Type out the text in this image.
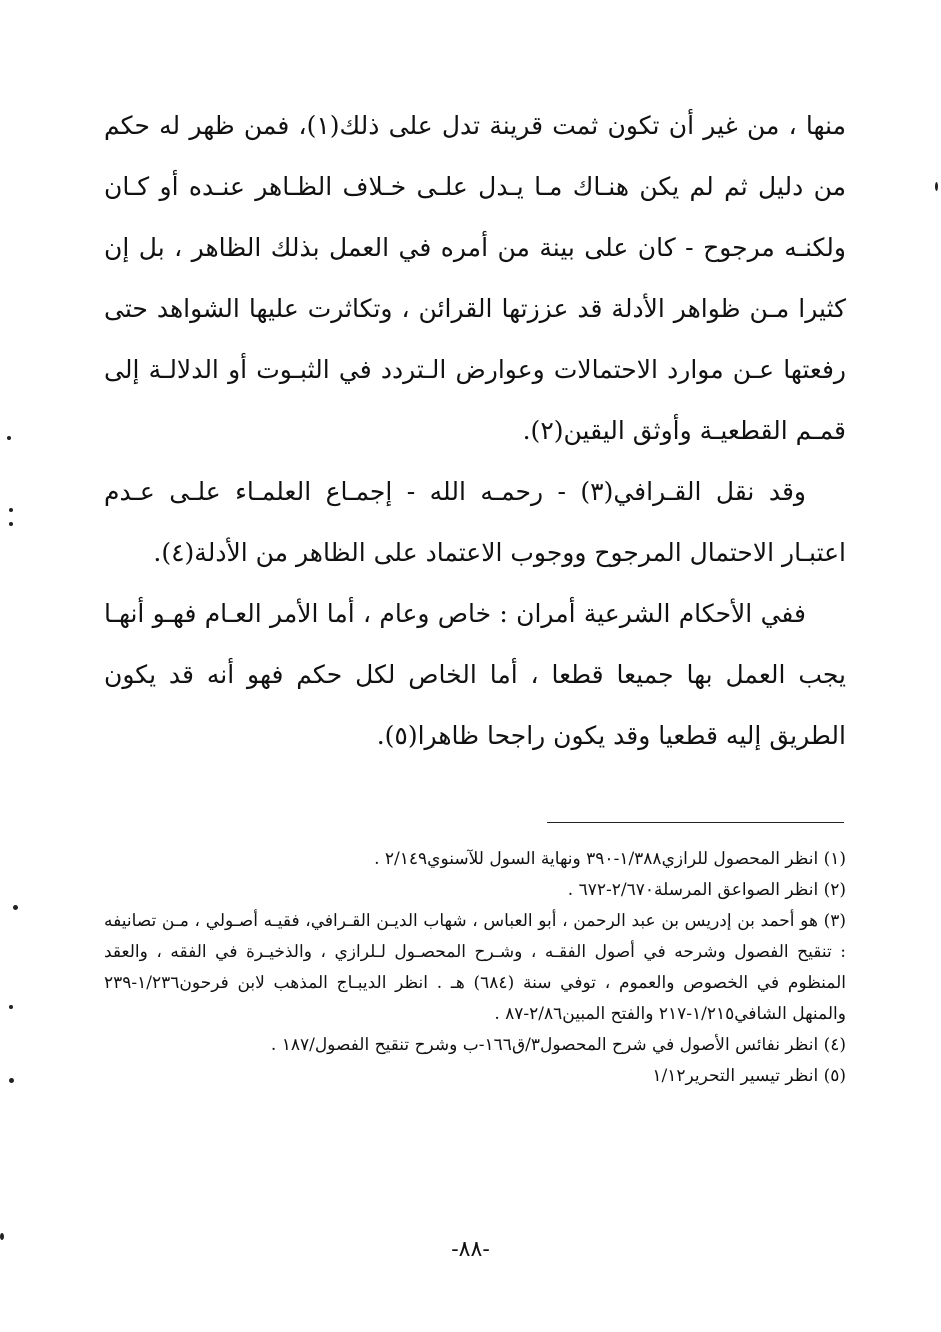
منها ، من غير أن تكون ثمت قرينة تدل على ذلك(١)، فمن ظهر له حكم من دليل ثم لم يكن هنـاك مـا يـدل علـى خـلاف الظـاهر عنـده أو كـان ولكنـه مرجوح - كان على بينة من أمره في العمل بذلك الظاهر ، بل إن كثيرا مـن ظواهر الأدلة قد عززتها القرائن ، وتكاثرت عليها الشواهد حتى رفعتها عـن موارد الاحتمالات وعوارض الـتردد في الثبـوت أو الدلالـة إلى قمـم القطعيـة وأوثق اليقين(٢).

وقد نقل القـرافي(٣) - رحمـه الله - إجمـاع العلمـاء علـى عـدم اعتبـار الاحتمال المرجوح ووجوب الاعتماد على الظاهر من الأدلة(٤).

ففي الأحكام الشرعية أمران : خاص وعام ، أما الأمر العـام فهـو أنهـا يجب العمل بها جميعا قطعا ، أما الخاص لكل حكم فهو أنه قد يكون الطريق إليه قطعيا وقد يكون راجحا ظاهرا(٥).

(١) انظر المحصول للرازي١/٣٨٨-٣٩٠ ونهاية السول للآسنوي٢/١٤٩ .

(٢) انظر الصواعق المرسلة٢/٦٧٠-٦٧٢ .

(٣) هو أحمد بن إدريس بن عبد الرحمن ، أبو العباس ، شهاب الديـن القـرافي، فقيـه أصـولي ، مـن تصانيفه : تنقيح الفصول وشرحه في أصول الفقـه ، وشـرح المحصـول لـلرازي ، والذخيـرة في الفقه ، والعقد المنظوم في الخصوص والعموم ، توفي سنة (٦٨٤) هـ . انظر الديبـاج المذهب لابن فرحون١/٢٣٦-٢٣٩ والمنهل الشافي١/٢١٥-٢١٧ والفتح المبين٢/٨٦-٨٧ .

(٤) انظر نفائس الأصول في شرح المحصول٣/ق١٦٦-ب وشرح تنقيح الفصول/١٨٧ .

(٥) انظر تيسير التحرير١/١٢

-٨٨-
